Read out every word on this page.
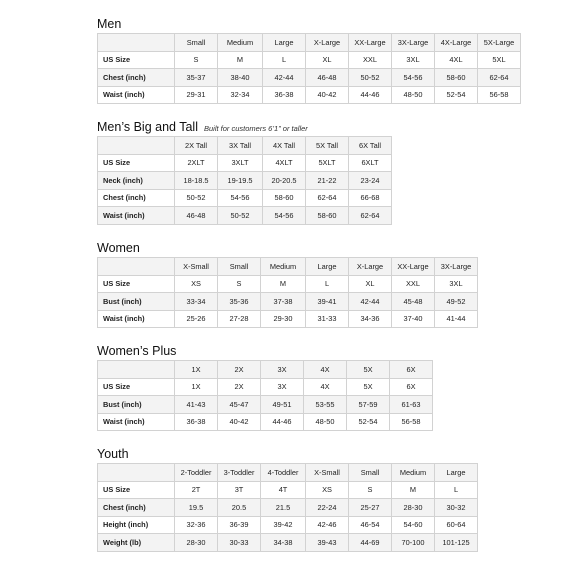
Men
	Small	Medium	Large	X-Large	XX-Large	3X-Large	4X-Large	5X-Large
US Size	S	M	L	XL	XXL	3XL	4XL	5XL
Chest (inch)	35-37	38-40	42-44	46-48	50-52	54-56	58-60	62-64
Waist (inch)	29-31	32-34	36-38	40-42	44-46	48-50	52-54	56-58
Men’s Big and Tall Built for customers 6’1” or taller
	2X Tall	3X Tall	4X Tall	5X Tall	6X Tall
US Size	2XLT	3XLT	4XLT	5XLT	6XLT
Neck (inch)	18-18.5	19-19.5	20-20.5	21-22	23-24
Chest (inch)	50-52	54-56	58-60	62-64	66-68
Waist (inch)	46-48	50-52	54-56	58-60	62-64
Women
	X-Small	Small	Medium	Large	X-Large	XX-Large	3X-Large
US Size	XS	S	M	L	XL	XXL	3XL
Bust (inch)	33-34	35-36	37-38	39-41	42-44	45-48	49-52
Waist (inch)	25-26	27-28	29-30	31-33	34-36	37-40	41-44
Women’s Plus
	1X	2X	3X	4X	5X	6X
US Size	1X	2X	3X	4X	5X	6X
Bust (inch)	41-43	45-47	49-51	53-55	57-59	61-63
Waist (inch)	36-38	40-42	44-46	48-50	52-54	56-58
Youth
	2-Toddler	3-Toddler	4-Toddler	X-Small	Small	Medium	Large
US Size	2T	3T	4T	XS	S	M	L
Chest (inch)	19.5	20.5	21.5	22-24	25-27	28-30	30-32
Height (inch)	32-36	36-39	39-42	42-46	46-54	54-60	60-64
Weight (lb)	28-30	30-33	34-38	39-43	44-69	70-100	101-125
